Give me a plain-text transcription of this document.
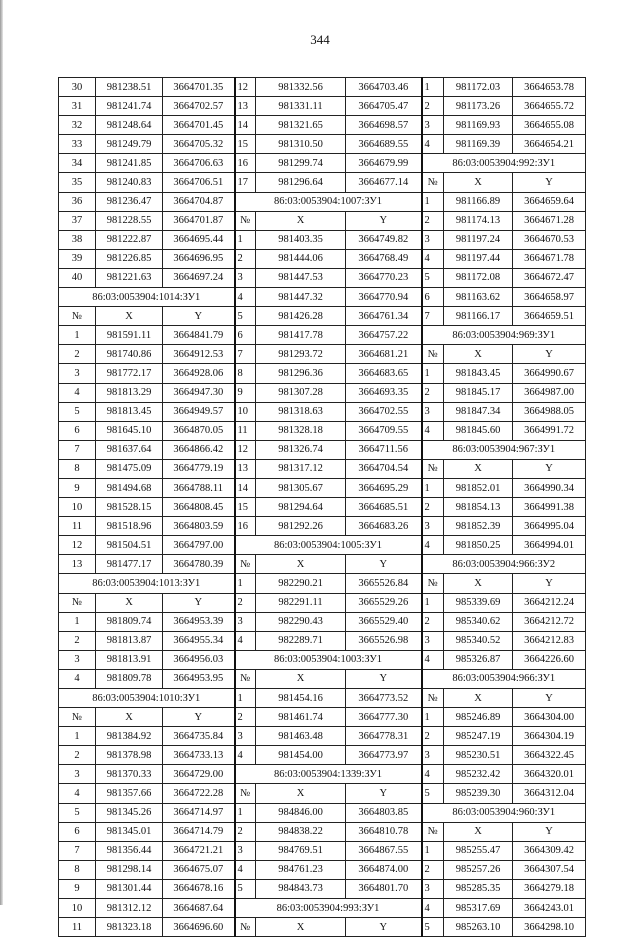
344
30	981238.51	3664701.35	12	981332.56	3664703.46	1	981172.03	3664653.78
31	981241.74	3664702.57	13	981331.11	3664705.47	2	981173.26	3664655.72
32	981248.64	3664701.45	14	981321.65	3664698.57	3	981169.93	3664655.08
33	981249.79	3664705.32	15	981310.50	3664689.55	4	981169.39	3664654.21
34	981241.85	3664706.63	16	981299.74	3664679.99	86:03:0053904:992:ЗУ1		
35	981240.83	3664706.51	17	981296.64	3664677.14	№	X	Y
36	981236.47	3664704.87	86:03:0053904:1007:ЗУ1			1	981166.89	3664659.64
37	981228.55	3664701.87	№	X	Y	2	981174.13	3664671.28
38	981222.87	3664695.44	1	981403.35	3664749.82	3	981197.24	3664670.53
39	981226.85	3664696.95	2	981444.06	3664768.49	4	981197.44	3664671.78
40	981221.63	3664697.24	3	981447.53	3664770.23	5	981172.08	3664672.47
86:03:0053904:1014:ЗУ1			4	981447.32	3664770.94	6	981163.62	3664658.97
№	X	Y	5	981426.28	3664761.34	7	981166.17	3664659.51
1	981591.11	3664841.79	6	981417.78	3664757.22	86:03:0053904:969:ЗУ1		
2	981740.86	3664912.53	7	981293.72	3664681.21	№	X	Y
3	981772.17	3664928.06	8	981296.36	3664683.65	1	981843.45	3664990.67
4	981813.29	3664947.30	9	981307.28	3664693.35	2	981845.17	3664987.00
5	981813.45	3664949.57	10	981318.63	3664702.55	3	981847.34	3664988.05
6	981645.10	3664870.05	11	981328.18	3664709.55	4	981845.60	3664991.72
7	981637.64	3664866.42	12	981326.74	3664711.56	86:03:0053904:967:ЗУ1		
8	981475.09	3664779.19	13	981317.12	3664704.54	№	X	Y
9	981494.68	3664788.11	14	981305.67	3664695.29	1	981852.01	3664990.34
10	981528.15	3664808.45	15	981294.64	3664685.51	2	981854.13	3664991.38
11	981518.96	3664803.59	16	981292.26	3664683.26	3	981852.39	3664995.04
12	981504.51	3664797.00	86:03:0053904:1005:ЗУ1			4	981850.25	3664994.01
13	981477.17	3664780.39	№	X	Y	86:03:0053904:966:ЗУ2		
86:03:0053904:1013:ЗУ1			1	982290.21	3665526.84	№	X	Y
№	X	Y	2	982291.11	3665529.26	1	985339.69	3664212.24
1	981809.74	3664953.39	3	982290.43	3665529.40	2	985340.62	3664212.72
2	981813.87	3664955.34	4	982289.71	3665526.98	3	985340.52	3664212.83
3	981813.91	3664956.03	86:03:0053904:1003:ЗУ1			4	985326.87	3664226.60
4	981809.78	3664953.95	№	X	Y	86:03:0053904:966:ЗУ1		
86:03:0053904:1010:ЗУ1			1	981454.16	3664773.52	№	X	Y
№	X	Y	2	981461.74	3664777.30	1	985246.89	3664304.00
1	981384.92	3664735.84	3	981463.48	3664778.31	2	985247.19	3664304.19
2	981378.98	3664733.13	4	981454.00	3664773.97	3	985230.51	3664322.45
3	981370.33	3664729.00	86:03:0053904:1339:ЗУ1			4	985232.42	3664320.01
4	981357.66	3664722.28	№	X	Y	5	985239.30	3664312.04
5	981345.26	3664714.97	1	984846.00	3664803.85	86:03:0053904:960:ЗУ1		
6	981345.01	3664714.79	2	984838.22	3664810.78	№	X	Y
7	981356.44	3664721.21	3	984769.51	3664867.55	1	985255.47	3664309.42
8	981298.14	3664675.07	4	984761.23	3664874.00	2	985257.26	3664307.54
9	981301.44	3664678.16	5	984843.73	3664801.70	3	985285.35	3664279.18
10	981312.12	3664687.64	86:03:0053904:993:ЗУ1			4	985317.69	3664243.01
11	981323.18	3664696.60	№	X	Y	5	985263.10	3664298.10
